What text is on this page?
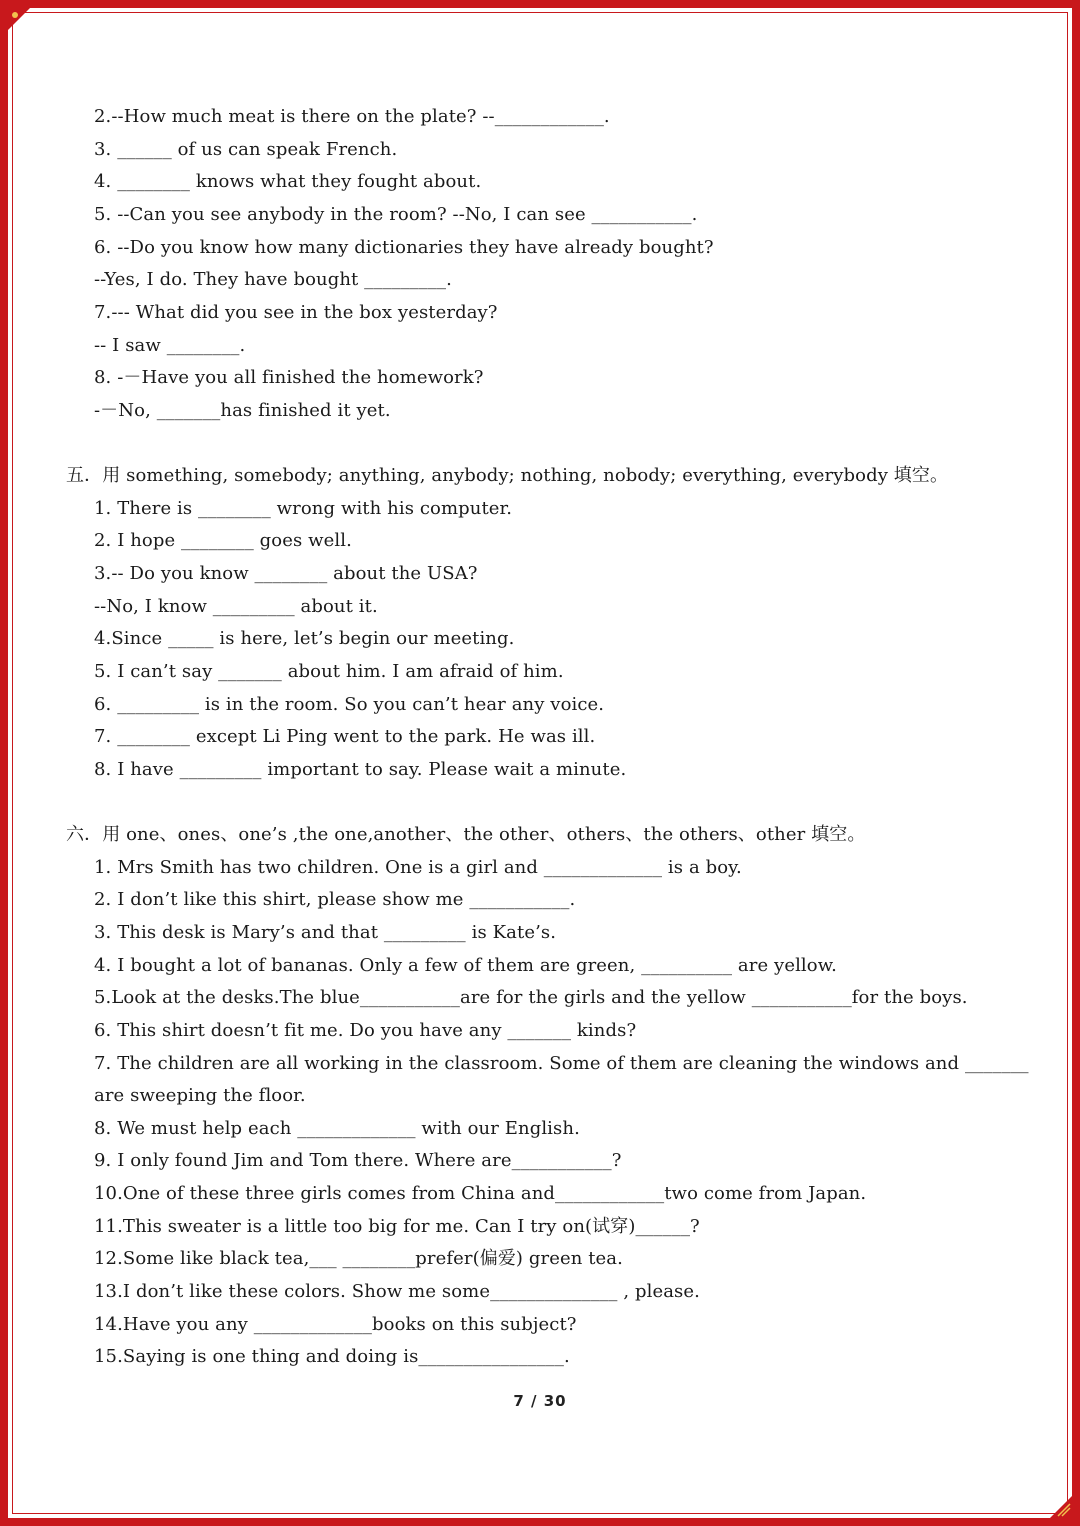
2.--How much meat is there on the plate? --____________.
3. ______ of us can speak French.
4. ________ knows what they fought about.
5. --Can you see anybody in the room? --No, I can see ___________.
6. --Do you know how many dictionaries they have already bought?
--Yes, I do. They have bought _________.
7.--- What did you see in the box yesterday?
-- I saw ________.
8. -－Have you all finished the homework?
-－No, _______has finished it yet.
五．用 something, somebody; anything, anybody; nothing, nobody; everything, everybody 填空。
1. There is ________ wrong with his computer.
2. I hope ________ goes well.
3.-- Do you know ________ about the USA?
--No, I know _________ about it.
4.Since _____ is here, let’s begin our meeting.
5. I can’t say _______ about him. I am afraid of him.
6. _________ is in the room. So you can’t hear any voice.
7. ________ except Li Ping went to the park. He was ill.
8. I have _________ important to say. Please wait a minute.
六．用 one、ones、one’s ,the one,another、the other、others、the others、other 填空。
1. Mrs Smith has two children. One is a girl and _____________ is a boy.
2. I don’t like this shirt, please show me ___________.
3. This desk is Mary’s and that _________ is Kate’s.
4. I bought a lot of bananas. Only a few of them are green, __________ are yellow.
5.Look at the desks.The blue___________are for the girls and the yellow ___________for the boys.
6. This shirt doesn’t fit me. Do you have any _______ kinds?
7. The children are all working in the classroom. Some of them are cleaning the windows and _______
are sweeping the floor.
8. We must help each _____________ with our English.
9. I only found Jim and Tom there. Where are___________?
10.One of these three girls comes from China and____________two come from Japan.
11.This sweater is a little too big for me. Can I try on(试穿)______?
12.Some like black tea,___ ________prefer(偏爱) green tea.
13.I don’t like these colors. Show me some______________ , please.
14.Have you any _____________books on this subject?
15.Saying is one thing and doing is________________.
7 / 30
